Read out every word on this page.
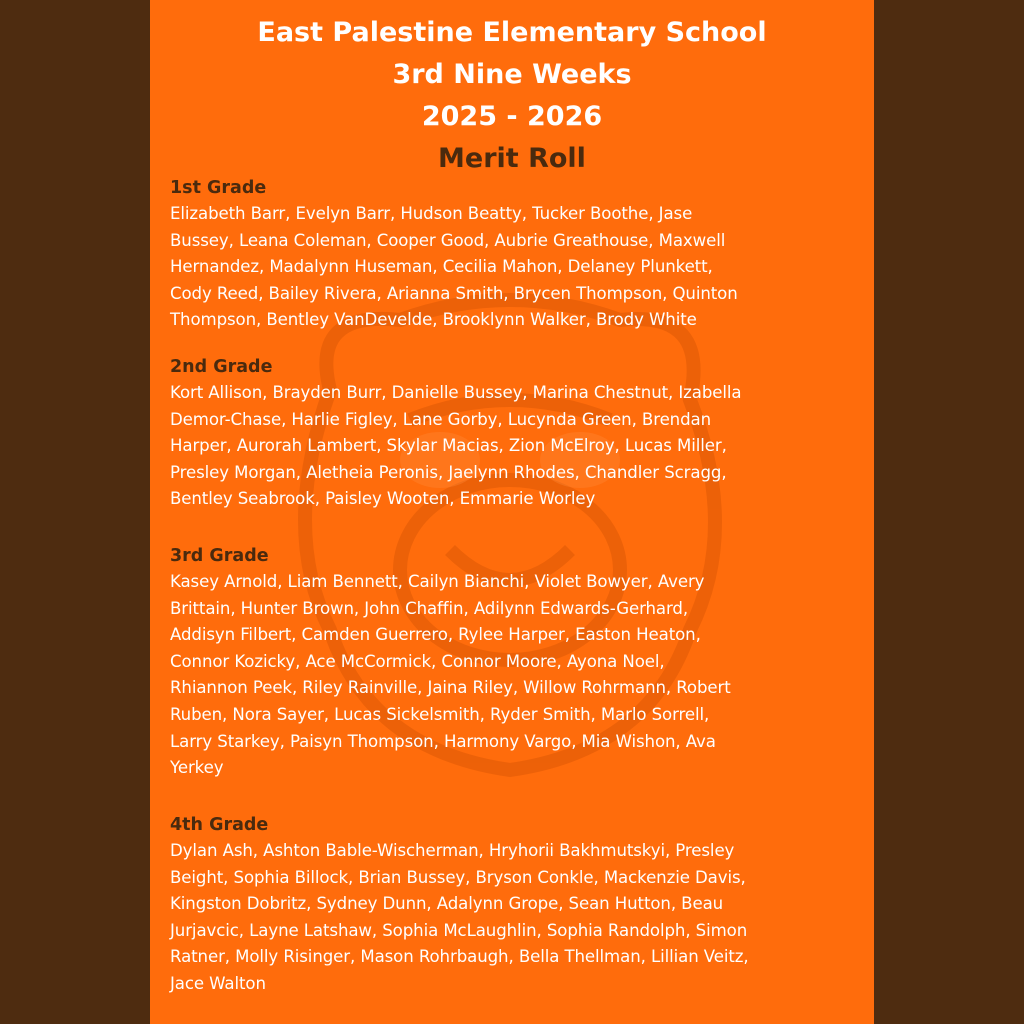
East Palestine Elementary School
3rd Nine Weeks
2025 - 2026
Merit Roll
1st Grade
Elizabeth Barr, Evelyn Barr, Hudson Beatty, Tucker Boothe, Jase
Bussey, Leana Coleman, Cooper Good, Aubrie Greathouse, Maxwell
Hernandez, Madalynn Huseman, Cecilia Mahon, Delaney Plunkett,
Cody Reed, Bailey Rivera, Arianna Smith, Brycen Thompson, Quinton
Thompson, Bentley VanDevelde, Brooklynn Walker, Brody White
2nd Grade
Kort Allison, Brayden Burr, Danielle Bussey, Marina Chestnut, Izabella
Demor-Chase, Harlie Figley, Lane Gorby, Lucynda Green, Brendan
Harper, Aurorah Lambert, Skylar Macias, Zion McElroy, Lucas Miller,
Presley Morgan, Aletheia Peronis, Jaelynn Rhodes, Chandler Scragg,
Bentley Seabrook, Paisley Wooten, Emmarie Worley
3rd Grade
Kasey Arnold, Liam Bennett, Cailyn Bianchi, Violet Bowyer, Avery
Brittain, Hunter Brown, John Chaffin, Adilynn Edwards-Gerhard,
Addisyn Filbert, Camden Guerrero, Rylee Harper, Easton Heaton,
Connor Kozicky, Ace McCormick, Connor Moore, Ayona Noel,
Rhiannon Peek, Riley Rainville, Jaina Riley, Willow Rohrmann, Robert
Ruben, Nora Sayer, Lucas Sickelsmith, Ryder Smith, Marlo Sorrell,
Larry Starkey, Paisyn Thompson, Harmony Vargo, Mia Wishon, Ava
Yerkey
4th Grade
Dylan Ash, Ashton Bable-Wischerman, Hryhorii Bakhmutskyi, Presley
Beight, Sophia Billock, Brian Bussey, Bryson Conkle, Mackenzie Davis,
Kingston Dobritz, Sydney Dunn, Adalynn Grope, Sean Hutton, Beau
Jurjavcic, Layne Latshaw, Sophia McLaughlin, Sophia Randolph, Simon
Ratner, Molly Risinger, Mason Rohrbaugh, Bella Thellman, Lillian Veitz,
Jace Walton
